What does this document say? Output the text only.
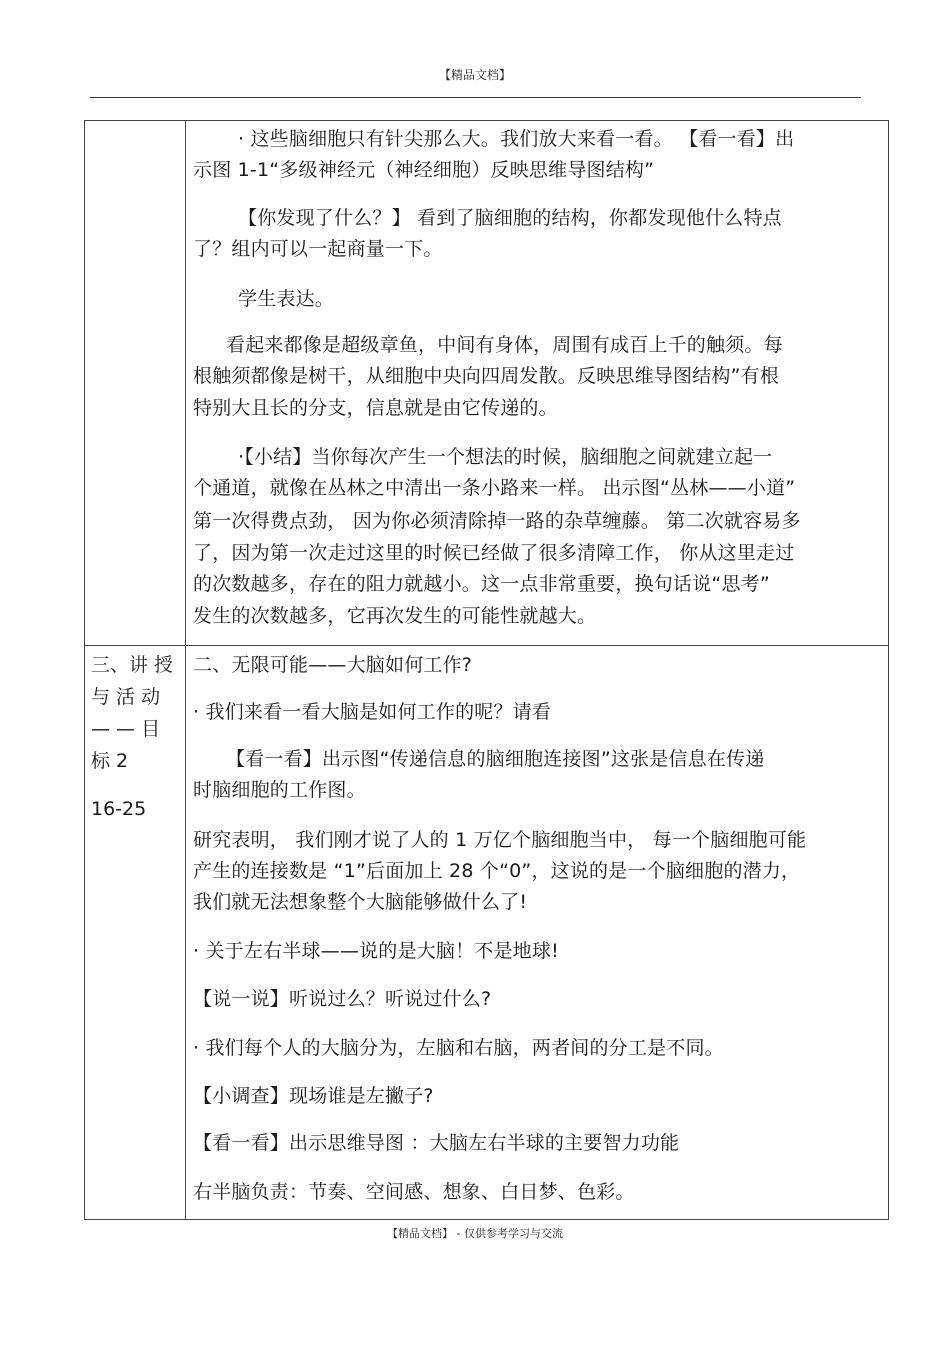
【精品文档】
· 这些脑细胞只有针尖那么大。我们放大来看一看。 【看一看】出
示图 1-1“多级神经元（神经细胞）反映思维导图结构”
【你发现了什么？】 看到了脑细胞的结构，你都发现他什么特点
了？组内可以一起商量一下。
学生表达。
看起来都像是超级章鱼，中间有身体，周围有成百上千的触须。每
根触须都像是树干，从细胞中央向四周发散。反映思维导图结构”有根
特别大且长的分支，信息就是由它传递的。
·【小结】当你每次产生一个想法的时候，脑细胞之间就建立起一
个通道，就像在丛林之中清出一条小路来一样。 出示图“丛林——小道”
第一次得费点劲， 因为你必须清除掉一路的杂草缠藤。 第二次就容易多
了，因为第一次走过这里的时候已经做了很多清障工作， 你从这里走过
的次数越多，存在的阻力就越小。这一点非常重要，换句话说“思考”
发生的次数越多，它再次发生的可能性就越大。
三、讲 授
与 活 动
— — 目
标 2
16-25
二、无限可能——大脑如何工作?
· 我们来看一看大脑是如何工作的呢？请看
【看一看】出示图“传递信息的脑细胞连接图”这张是信息在传递
时脑细胞的工作图。
研究表明， 我们刚才说了人的 1 万亿个脑细胞当中， 每一个脑细胞可能
产生的连接数是 “1”后面加上 28 个“0”，这说的是一个脑细胞的潜力，
我们就无法想象整个大脑能够做什么了!
· 关于左右半球——说的是大脑！不是地球!
【说一说】听说过么？听说过什么?
· 我们每个人的大脑分为，左脑和右脑，两者间的分工是不同。
【小调查】现场谁是左撇子?
【看一看】出示思维导图 ：大脑左右半球的主要智力功能
右半脑负责：节奏、空间感、想象、白日梦、色彩。
【精品文档】 - 仅供参考学习与交流
